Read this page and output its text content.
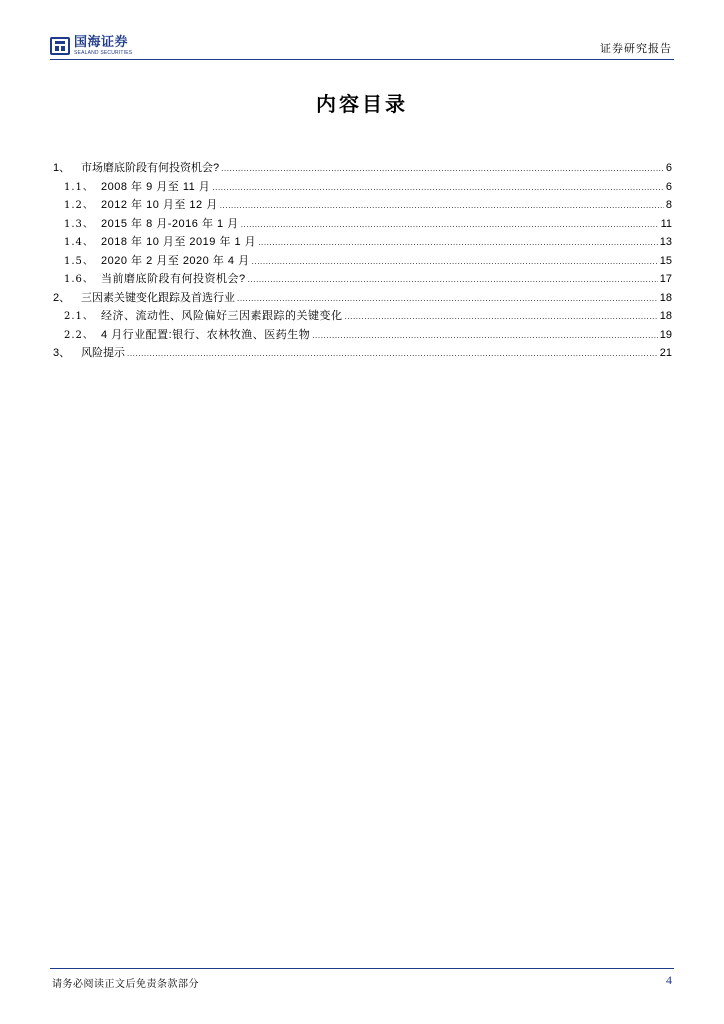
国海证券
SEALAND SECURITIES	证券研究报告
内容目录
1、 市场磨底阶段有何投资机会? .....	6
1.1、 2008 年 9 月至 11 月 .....	6
1.2、 2012 年 10 月至 12 月 .....	8
1.3、 2015 年 8 月-2016 年 1 月 .....	11
1.4、 2018 年 10 月至 2019 年 1 月 .....	13
1.5、 2020 年 2 月至 2020 年 4 月 .....	15
1.6、 当前磨底阶段有何投资机会? .....	17
2、 三因素关键变化跟踪及首选行业 .....	18
2.1、 经济、流动性、风险偏好三因素跟踪的关键变化 .....	18
2.2、 4 月行业配置:银行、农林牧渔、医药生物 .....	19
3、 风险提示 .....	21
请务必阅读正文后免责条款部分	4
